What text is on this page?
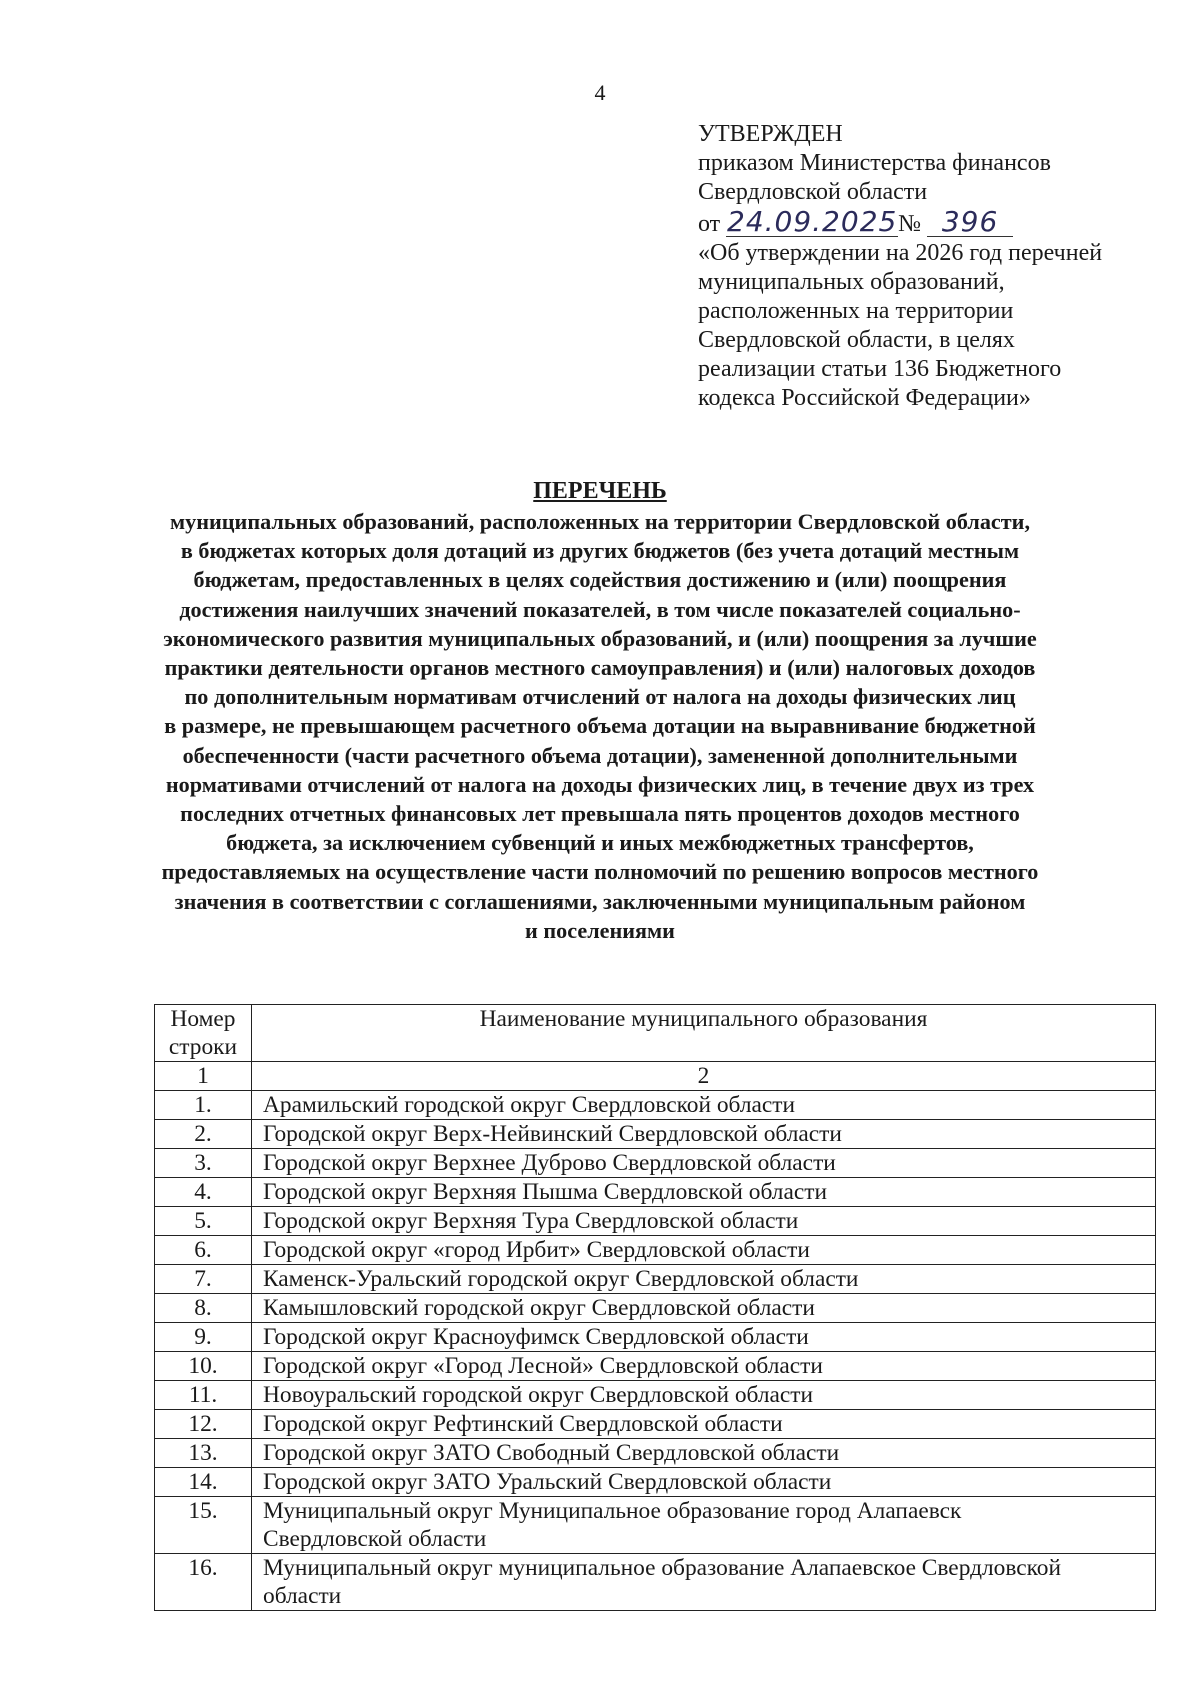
4
УТВЕРЖДЕН
приказом Министерства финансов
Свердловской области
от 24.09.2025№ 396
«Об утверждении на 2026 год перечней
муниципальных образований,
расположенных на территории
Свердловской области, в целях
реализации статьи 136 Бюджетного
кодекса Российской Федерации»
ПЕРЕЧЕНЬ
муниципальных образований, расположенных на территории Свердловской области,
в бюджетах которых доля дотаций из других бюджетов (без учета дотаций местным
бюджетам, предоставленных в целях содействия достижению и (или) поощрения
достижения наилучших значений показателей, в том числе показателей социально-
экономического развития муниципальных образований, и (или) поощрения за лучшие
практики деятельности органов местного самоуправления) и (или) налоговых доходов
по дополнительным нормативам отчислений от налога на доходы физических лиц
в размере, не превышающем расчетного объема дотации на выравнивание бюджетной
обеспеченности (части расчетного объема дотации), замененной дополнительными
нормативами отчислений от налога на доходы физических лиц, в течение двух из трех
последних отчетных финансовых лет превышала пять процентов доходов местного
бюджета, за исключением субвенций и иных межбюджетных трансфертов,
предоставляемых на осуществление части полномочий по решению вопросов местного
значения в соответствии с соглашениями, заключенными муниципальным районом
и поселениями
Номер
строки	Наименование муниципального образования
1	2
1.	Арамильский городской округ Свердловской области
2.	Городской округ Верх-Нейвинский Свердловской области
3.	Городской округ Верхнее Дуброво Свердловской области
4.	Городской округ Верхняя Пышма Свердловской области
5.	Городской округ Верхняя Тура Свердловской области
6.	Городской округ «город Ирбит» Свердловской области
7.	Каменск-Уральский городской округ Свердловской области
8.	Камышловский городской округ Свердловской области
9.	Городской округ Красноуфимск Свердловской области
10.	Городской округ «Город Лесной» Свердловской области
11.	Новоуральский городской округ Свердловской области
12.	Городской округ Рефтинский Свердловской области
13.	Городской округ ЗАТО Свободный Свердловской области
14.	Городской округ ЗАТО Уральский Свердловской области
15.	Муниципальный округ Муниципальное образование город Алапаевск
Свердловской области

16.	Муниципальный округ муниципальное образование Алапаевское Свердловской
области
